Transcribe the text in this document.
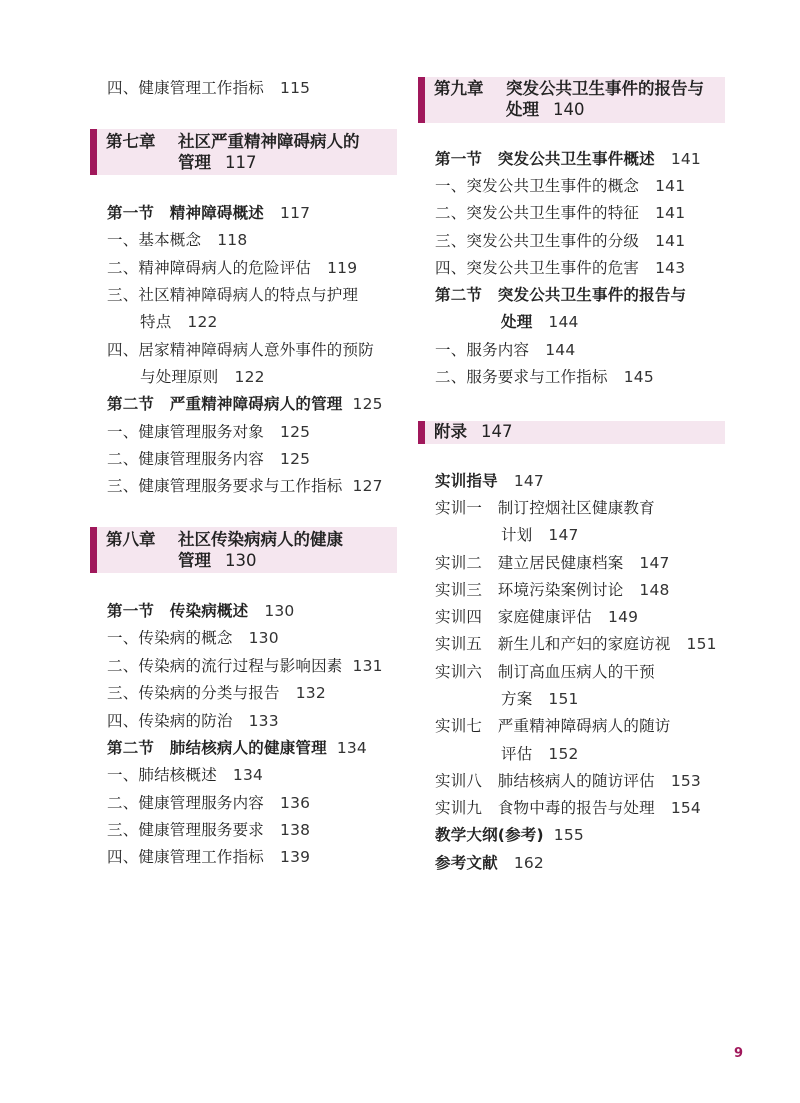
四、健康管理工作指标 115
第七章 社区严重精神障碍病人的
管理 117
第一节　精神障碍概述 117
一、基本概念 118
二、精神障碍病人的危险评估 119
三、社区精神障碍病人的特点与护理
特点 122
四、居家精神障碍病人意外事件的预防
与处理原则 122
第二节　严重精神障碍病人的管理 125
一、健康管理服务对象 125
二、健康管理服务内容 125
三、健康管理服务要求与工作指标 127
第八章 社区传染病病人的健康
管理 130
第一节　传染病概述 130
一、传染病的概念 130
二、传染病的流行过程与影响因素 131
三、传染病的分类与报告 132
四、传染病的防治 133
第二节　肺结核病人的健康管理 134
一、肺结核概述 134
二、健康管理服务内容 136
三、健康管理服务要求 138
四、健康管理工作指标 139
第九章 突发公共卫生事件的报告与
处理 140
第一节　突发公共卫生事件概述 141
一、突发公共卫生事件的概念 141
二、突发公共卫生事件的特征 141
三、突发公共卫生事件的分级 141
四、突发公共卫生事件的危害 143
第二节　突发公共卫生事件的报告与
处理 144
一、服务内容 144
二、服务要求与工作指标 145
附录 147
实训指导 147
实训一　制订控烟社区健康教育
计划 147
实训二　建立居民健康档案 147
实训三　环境污染案例讨论 148
实训四　家庭健康评估 149
实训五　新生儿和产妇的家庭访视 151
实训六　制订高血压病人的干预
方案 151
实训七　严重精神障碍病人的随访
评估 152
实训八　肺结核病人的随访评估 153
实训九　食物中毒的报告与处理 154
教学大纲(参考) 155
参考文献 162
9
